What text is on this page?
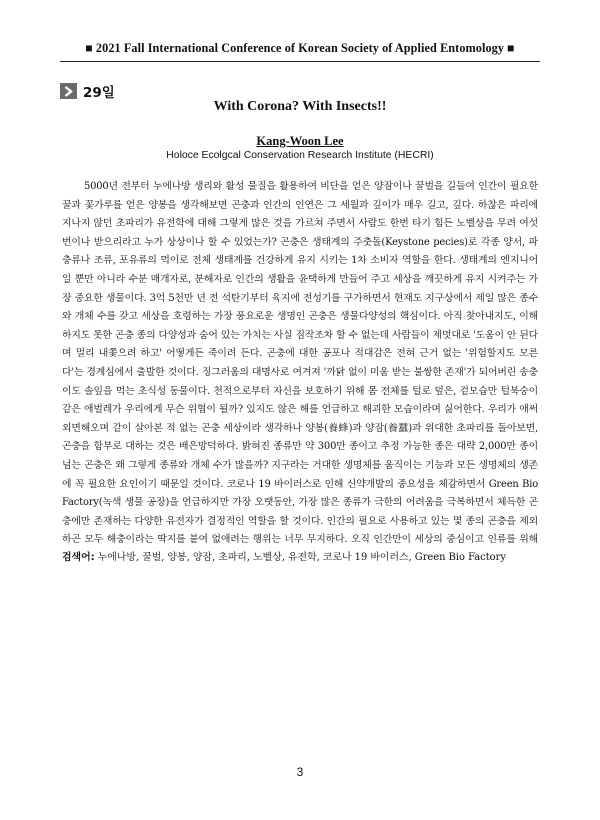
■ 2021 Fall International Conference of Korean Society of Applied Entomology ■
29일
With Corona? With Insects!!
Kang-Woon Lee
Holoce Ecolgcal Conservation Research Institute (HECRI)
5000년 전부터 누에나방 생리와 활성 물질을 활용하여 비단을 얻은 양잠이나 꿀벌을 길들여 인간이 필요한 꿀과 꽃가루를 얻은 양봉을 생각해보면 곤충과 인간의 인연은 그 세월과 깊이가 매우 길고, 깊다. 하찮은 파리에 지나지 않던 초파리가 유전학에 대해 그렇게 많은 것을 가르쳐 주면서 사람도 한번 타기 힘든 노벨상을 무려 여섯 번이나 받으리라고 누가 상상이나 할 수 있었는가? 곤충은 생태계의 주춧돌(Keystone pecies)로 각종 양서, 파충류나 조류, 포유류의 먹이로 전체 생태계를 건강하게 유지 시키는 1차 소비자 역할을 한다. 생태계의 엔지니어일 뿐만 아니라 수분 매개자로, 분해자로 인간의 생활을 윤택하게 만들어 주고 세상을 깨끗하게 유지 시켜주는 가장 중요한 생물이다. 3억 5천만 년 전 석탄기부터 육지에 전성기를 구가하면서 현재도 지구상에서 제일 많은 종수와 개체 수를 갖고 세상을 호령하는 가장 풍요로운 생명인 곤충은 생물다양성의 핵심이다. 아직 찾아내지도, 이해하지도 못한 곤충 종의 다양성과 숨어 있는 가치는 사실 짐작조차 할 수 없는데 사람들이 제멋대로 '도움이 안 된다며 멀리 내쫓으려 하고' 어떻게든 죽이려 든다. 곤충에 대한 공포나 적대감은 전혀 근거 없는 '위험할지도 모른다'는 경계심에서 출발한 것이다. 징그러움의 대명사로 여겨져 '까닭 없이 미움 받는 불쌍한 존재'가 되어버린 송충이도 솔잎을 먹는 초식성 동물이다. 천적으로부터 자신을 보호하기 위해 몸 전체를 털로 덮은, 겉모습만 털북숭이 같은 애벌레가 우리에게 무슨 위협이 될까? 있지도 않은 해를 언급하고 해괴한 모습이라며 싫어한다. 우리가 애써 외면해오며 같이 살아본 적 없는 곤충 세상이라 생각하나 양봉(養蜂)과 양잠(養蠶)과 위대한 초파리를 돌아보면, 곤충을 함부로 대하는 것은 배은망덕하다. 밝혀진 종류만 약 300만 종이고 추정 가능한 종은 대략 2,000만 종이 넘는 곤충은 왜 그렇게 종류와 개체 수가 많을까? 지구라는 거대한 생명체를 움직이는 기능과 모든 생명체의 생존에 꼭 필요한 요인이기 때문일 것이다. 코로나 19 바이러스로 인해 신약개발의 중요성을 체감하면서 Green Bio Factory(녹색 생물 공장)을 언급하지만 가장 오랫동안, 가장 많은 종류가 극한의 어려움을 극복하면서 체득한 곤충에만 존재하는 다양한 유전자가 결정적인 역할을 할 것이다. 인간의 필요로 사용하고 있는 몇 종의 곤충을 제외하곤 모두 해충이라는 딱지를 붙여 없애려는 행위는 너무 무지하다. 오직 인간만이 세상의 중심이고 인류를 위해
검색어: 누에나방, 꿀벌, 양봉, 양잠, 초파리, 노벨상, 유전학, 코로나 19 바이러스, Green Bio Factory
3
